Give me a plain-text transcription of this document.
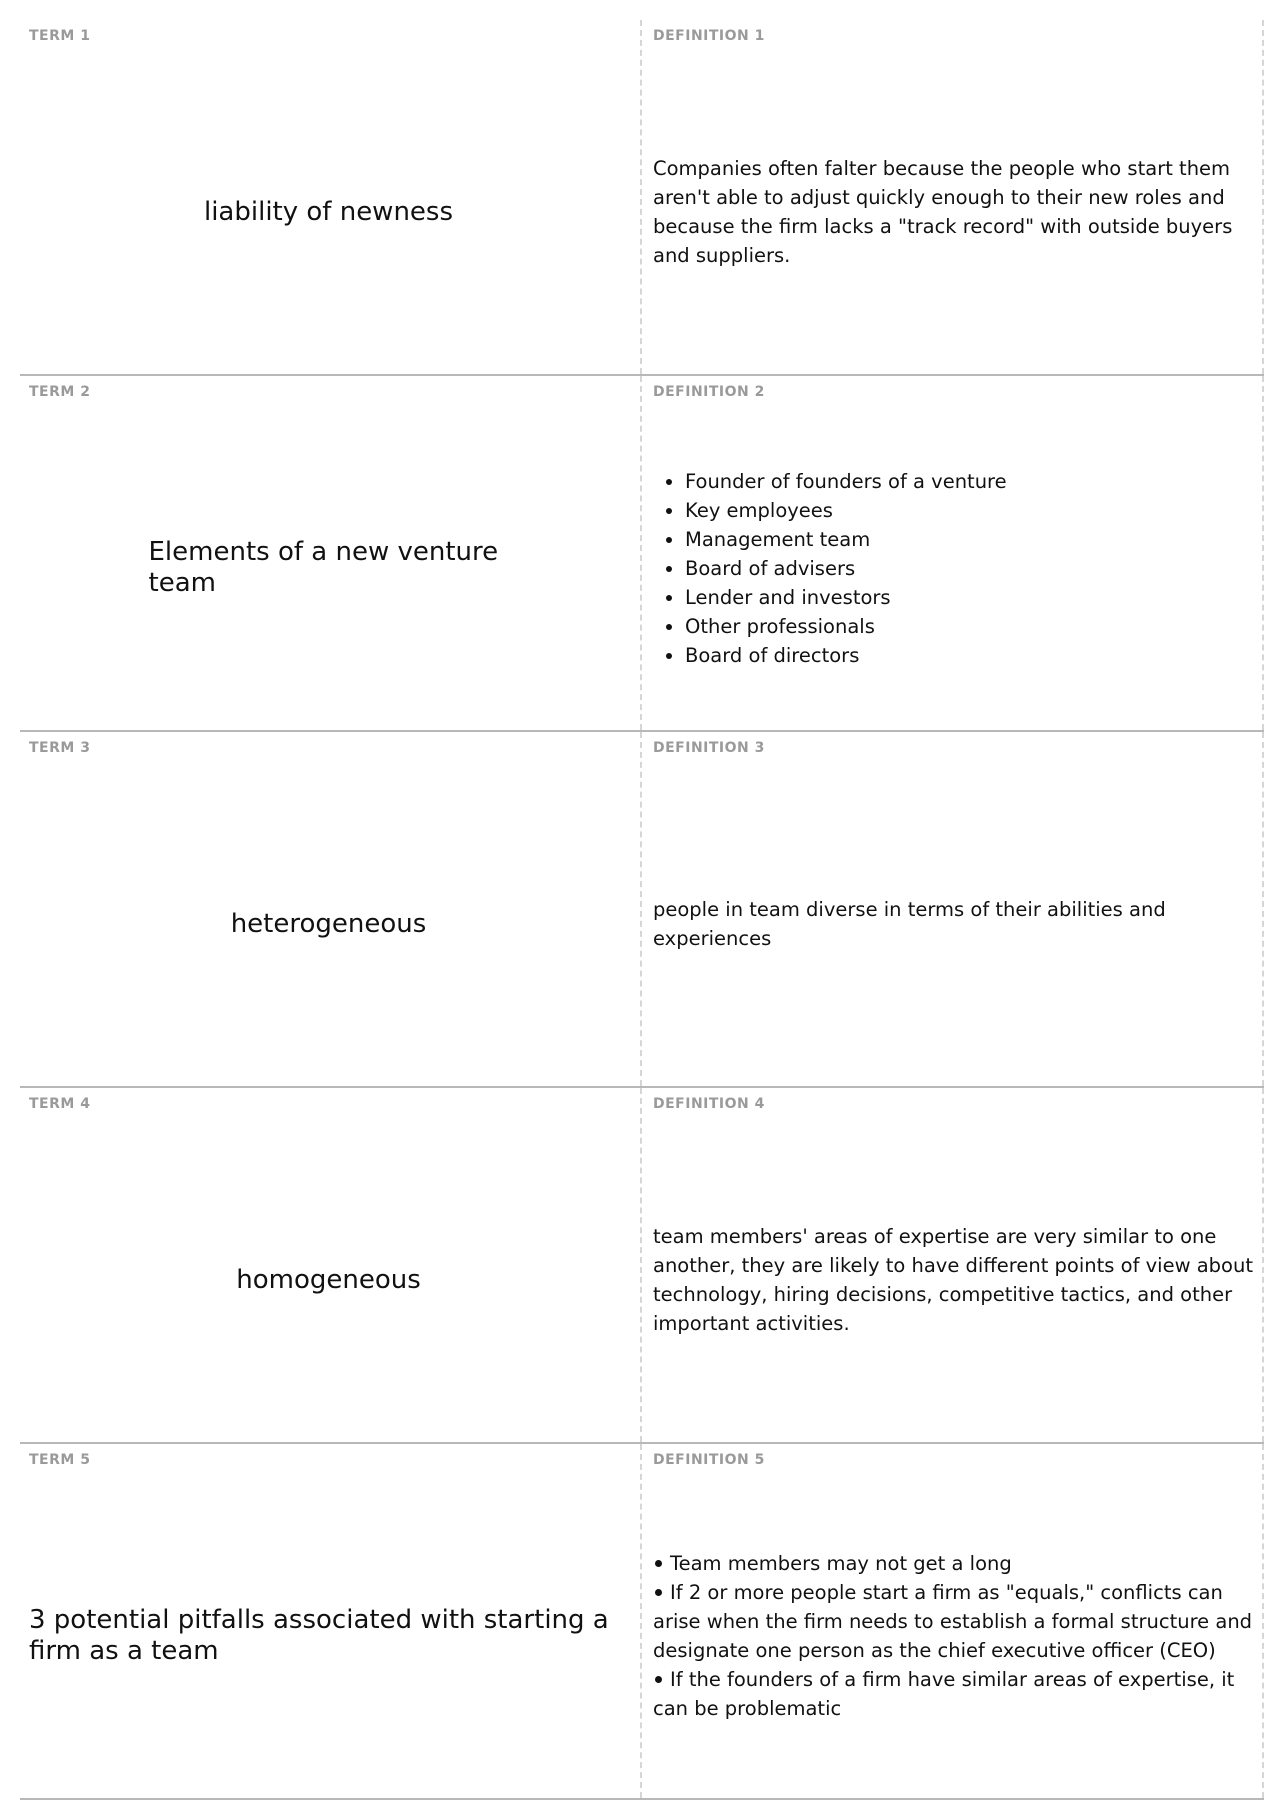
TERM 1
liability of newness
DEFINITION 1
Companies often falter because the people who start them aren't able to adjust quickly enough to their new roles and because the firm lacks a "track record" with outside buyers and suppliers.
TERM 2
Elements of a new venture team
DEFINITION 2
• Founder of founders of a venture
• Key employees
• Management team
• Board of advisers
• Lender and investors
• Other professionals
• Board of directors
TERM 3
heterogeneous
DEFINITION 3
people in team diverse in terms of their abilities and experiences
TERM 4
homogeneous
DEFINITION 4
team members' areas of expertise are very similar to one another, they are likely to have different points of view about technology, hiring decisions, competitive tactics, and other important activities.
TERM 5
3 potential pitfalls associated with starting a firm as a team
DEFINITION 5
Team members may not get a long
If 2 or more people start a firm as "equals," conflicts can arise when the firm needs to establish a formal structure and designate one person as the chief executive officer (CEO)
If the founders of a firm have similar areas of expertise, it can be problematic
